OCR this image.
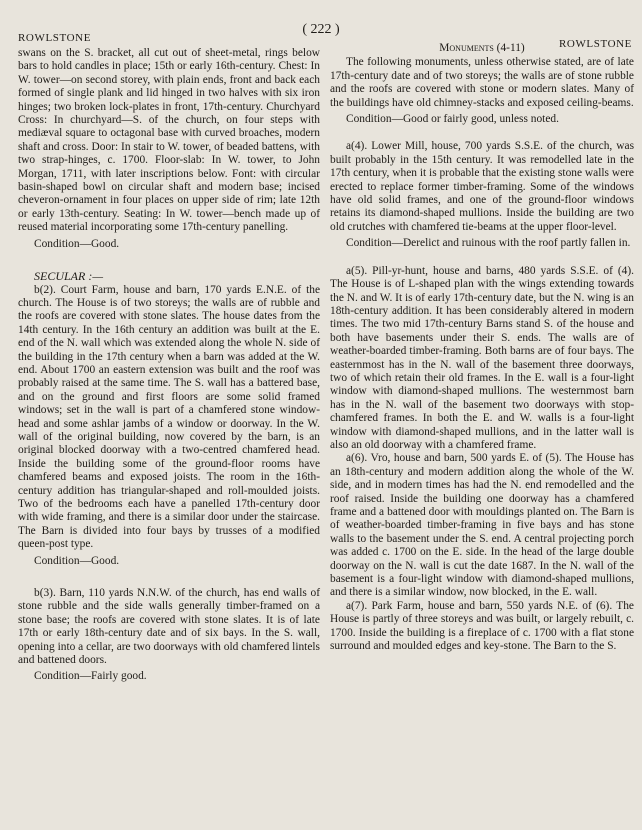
ROWLSTONE
( 222 )
ROWLSTONE

swans on the S. bracket, all cut out of sheet-metal, rings below bars to hold candles in place; 15th or early 16th-century. Chest: In W. tower—on second storey, with plain ends, front and back each formed of single plank and lid hinged in two halves with six iron hinges; two broken lock-plates in front, 17th-century. Churchyard Cross: In churchyard—S. of the church, on four steps with mediæval square to octagonal base with curved broaches, modern shaft and cross. Door: In stair to W. tower, of beaded battens, with two strap-hinges, c. 1700. Floor-slab: In W. tower, to John Morgan, 1711, with later inscriptions below. Font: with circular basin-shaped bowl on circular shaft and modern base; incised cheveron-ornament in four places on upper side of rim; late 12th or early 13th-century. Seating: In W. tower—bench made up of reused material incorporating some 17th-century panelling.

Condition—Good.

SECULAR :—

b(2). Court Farm, house and barn, 170 yards E.N.E. of the church. The House is of two storeys; the walls are of rubble and the roofs are covered with stone slates. The house dates from the 14th century. In the 16th century an addition was built at the E. end of the N. wall which was extended along the whole N. side of the building in the 17th century when a barn was added at the W. end. About 1700 an eastern extension was built and the roof was probably raised at the same time. The S. wall has a battered base, and on the ground and first floors are some solid framed windows; set in the wall is part of a chamfered stone window-head and some ashlar jambs of a window or doorway. In the W. wall of the original building, now covered by the barn, is an original blocked doorway with a two-centred chamfered head. Inside the building some of the ground-floor rooms have chamfered beams and exposed joists. The room in the 16th-century addition has triangular-shaped and roll-moulded joists. Two of the bedrooms each have a panelled 17th-century door with wide framing, and there is a similar door under the staircase. The Barn is divided into four bays by trusses of a modified queen-post type.

Condition—Good.

b(3). Barn, 110 yards N.N.W. of the church, has end walls of stone rubble and the side walls generally timber-framed on a stone base; the roofs are covered with stone slates. It is of late 17th or early 18th-century date and of six bays. In the S. wall, opening into a cellar, are two doorways with old chamfered lintels and battened doors.

Condition—Fairly good.

Monuments (4-11)

The following monuments, unless otherwise stated, are of late 17th-century date and of two storeys; the walls are of stone rubble and the roofs are covered with stone or modern slates. Many of the buildings have old chimney-stacks and exposed ceiling-beams.

Condition—Good or fairly good, unless noted.

a(4). Lower Mill, house, 700 yards S.S.E. of the church, was built probably in the 15th century. It was remodelled late in the 17th century, when it is probable that the existing stone walls were erected to replace former timber-framing. Some of the windows have old solid frames, and one of the ground-floor windows retains its diamond-shaped mullions. Inside the building are two old crutches with chamfered tie-beams at the upper floor-level.

Condition—Derelict and ruinous with the roof partly fallen in.

a(5). Pill-yr-hunt, house and barns, 480 yards S.S.E. of (4). The House is of L-shaped plan with the wings extending towards the N. and W. It is of early 17th-century date, but the N. wing is an 18th-century addition. It has been considerably altered in modern times. The two mid 17th-century Barns stand S. of the house and both have basements under their S. ends. The walls are of weather-boarded timber-framing. Both barns are of four bays. The easternmost has in the N. wall of the basement three doorways, two of which retain their old frames. In the E. wall is a four-light window with diamond-shaped mullions. The westernmost barn has in the N. wall of the basement two doorways with stop-chamfered frames. In both the E. and W. walls is a four-light window with diamond-shaped mullions, and in the latter wall is also an old doorway with a chamfered frame.

a(6). Vro, house and barn, 500 yards E. of (5). The House has an 18th-century and modern addition along the whole of the W. side, and in modern times has had the N. end remodelled and the roof raised. Inside the building one doorway has a chamfered frame and a battened door with mouldings planted on. The Barn is of weather-boarded timber-framing in five bays and has stone walls to the basement under the S. end. A central projecting porch was added c. 1700 on the E. side. In the head of the large double doorway on the N. wall is cut the date 1687. In the N. wall of the basement is a four-light window with diamond-shaped mullions, and there is a similar window, now blocked, in the E. wall.

a(7). Park Farm, house and barn, 550 yards N.E. of (6). The House is partly of three storeys and was built, or largely rebuilt, c. 1700. Inside the building is a fireplace of c. 1700 with a flat stone surround and moulded edges and key-stone. The Barn to the S.
